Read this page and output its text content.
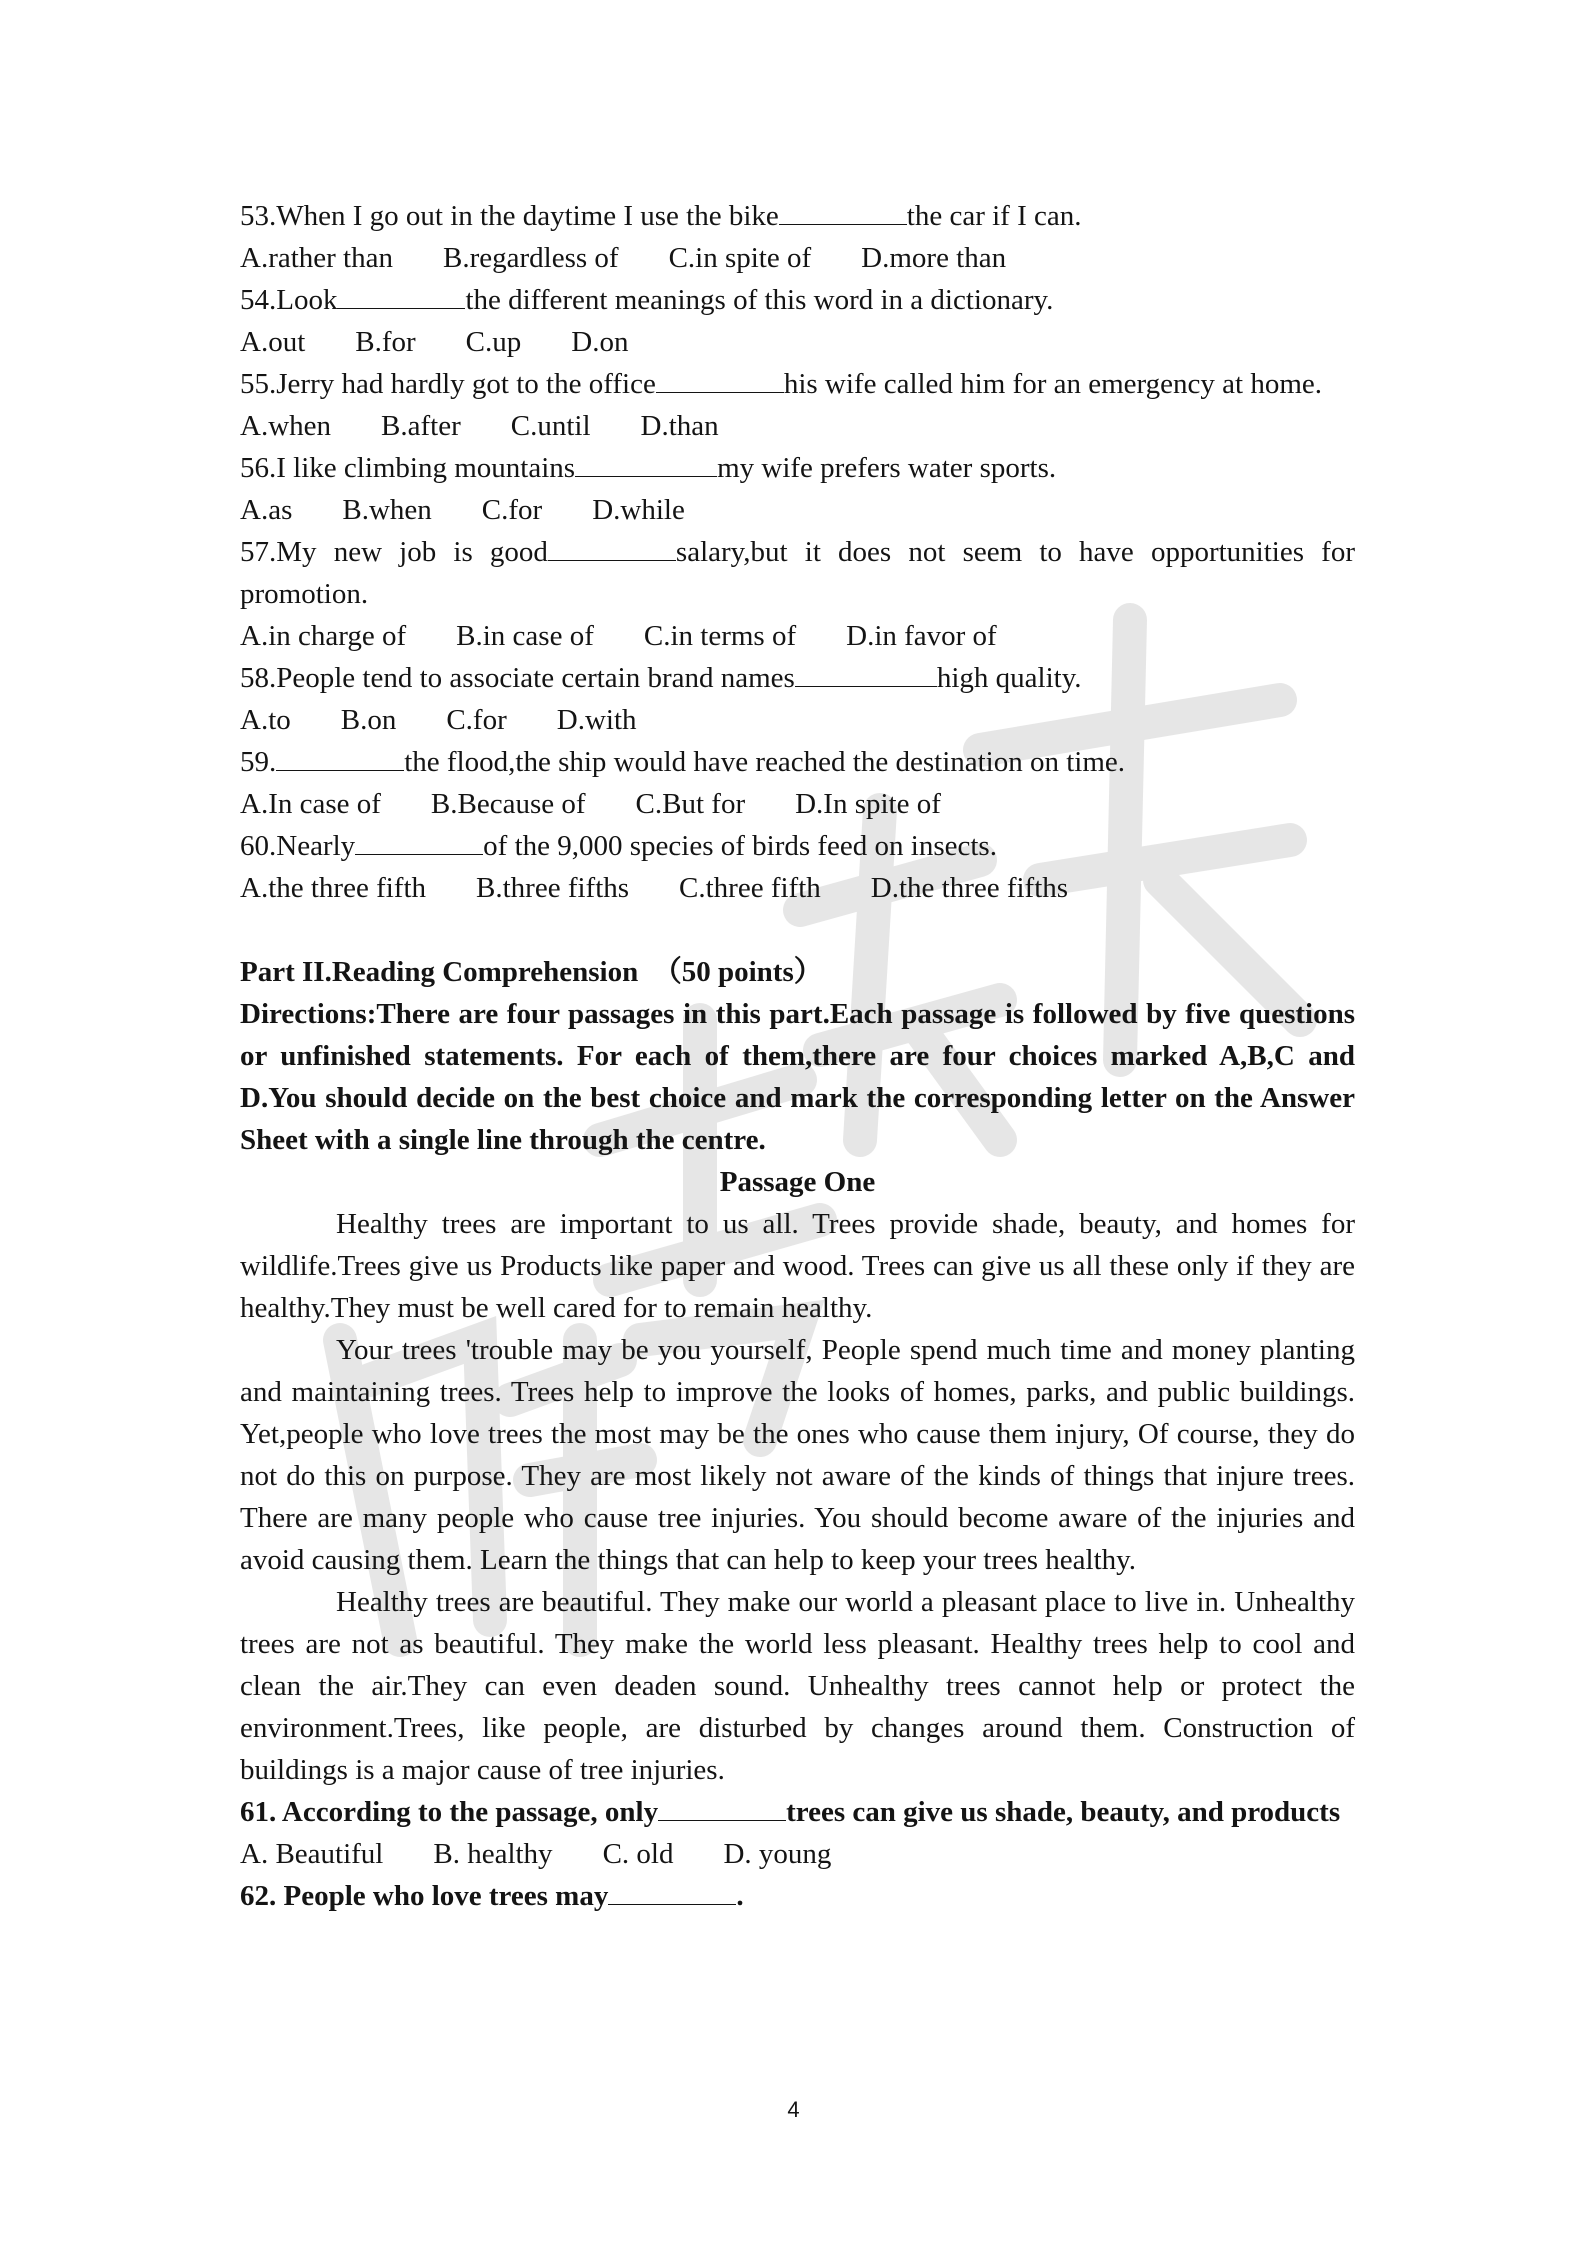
53.When I go out in the daytime I use the bike	the car if I can.
A.rather than B.regardless of C.in spite of D.more than
54.Look	the different meanings of this word in a dictionary.
A.out B.for C.up D.on

55.Jerry had hardly got to the office	his wife called him for an emergency at home.

A.when B.after C.until D.than
56.I like climbing mountains	my wife prefers water sports.
A.as B.when C.for D.while

57.My new job is good	salary,but it does not seem to have opportunities for promotion.

A.in charge of B.in case of C.in terms of D.in favor of
58.People tend to associate certain brand names	high quality.
A.to B.on C.for D.with
59.	the flood,the ship would have reached the destination on time.
A.In case of B.Because of C.But for D.In spite of
60.Nearly	of the 9,000 species of birds feed on insects.
A.the three fifth B.three fifths C.three fifth D.the three fifths
Part II.Reading Comprehension　（50 points）

Directions:There are four passages in this part.Each passage is followed by five questions or unfinished statements. For each of them,there are four choices marked A,B,C and D.You should decide on the best choice and mark the corresponding letter on the Answer Sheet with a single line through the centre.

Passage One

Healthy trees are important to us all. Trees provide shade, beauty, and homes for wildlife.Trees give us Products like paper and wood. Trees can give us all these only if they are healthy.They must be well cared for to remain healthy.

Your trees 'trouble may be you yourself, People spend much time and money planting and maintaining trees. Trees help to improve the looks of homes, parks, and public buildings. Yet,people who love trees the most may be the ones who cause them injury, Of course, they do not do this on purpose. They are most likely not aware of the kinds of things that injure trees. There are many people who cause tree injuries. You should become aware of the injuries and avoid causing them. Learn the things that can help to keep your trees healthy.

Healthy trees are beautiful. They make our world a pleasant place to live in. Unhealthy trees are not as beautiful. They make the world less pleasant. Healthy trees help to cool and clean the air.They can even deaden sound. Unhealthy trees cannot help or protect the environment.Trees, like people, are disturbed by changes around them. Construction of buildings is a major cause of tree injuries.

61. According to the passage, only	trees can give us shade, beauty, and products

A. Beautiful B. healthy C. old D. young
62. People who love trees may	.
4
